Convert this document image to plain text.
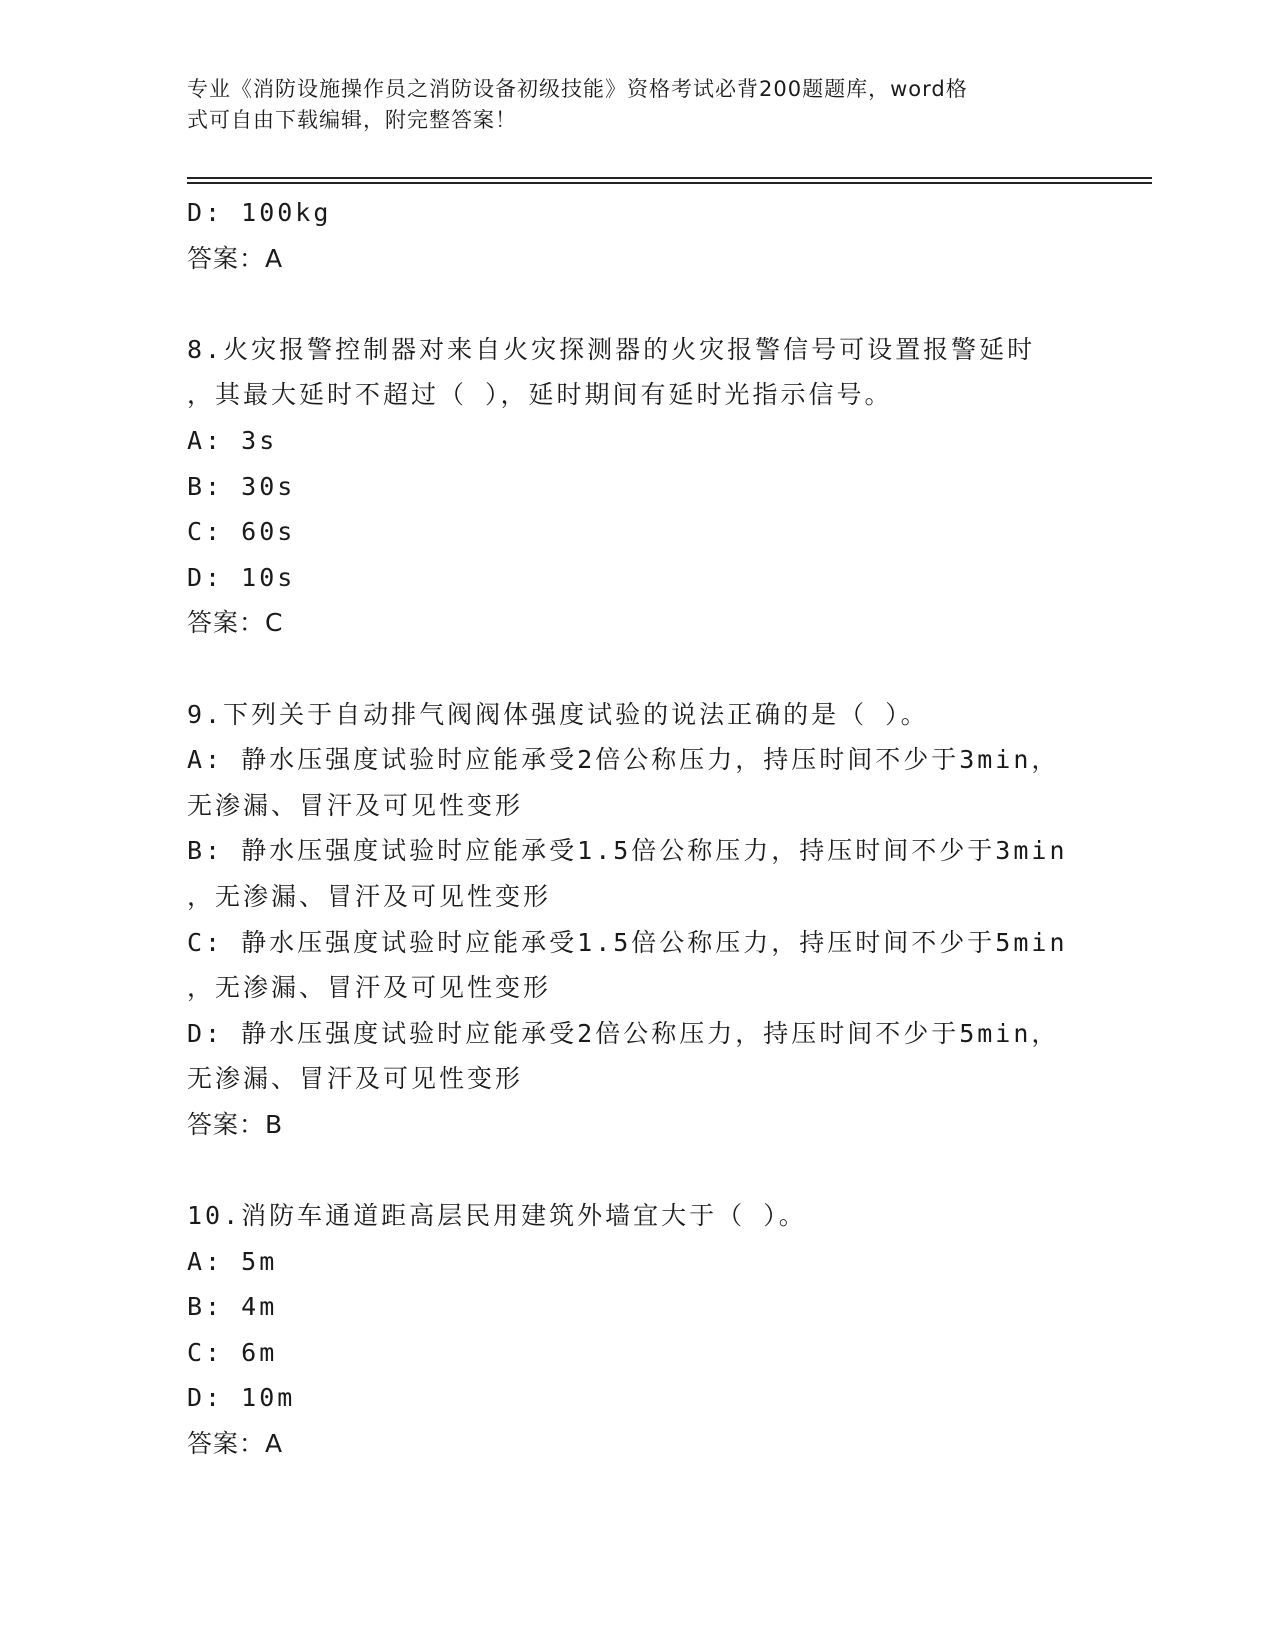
专业《消防设施操作员之消防设备初级技能》资格考试必背200题题库，word格
式可自由下载编辑，附完整答案！
D: 100kg
答案：A
8.火灾报警控制器对来自火灾探测器的火灾报警信号可设置报警延时
，其最大延时不超过（ ），延时期间有延时光指示信号。
A: 3s
B: 30s
C: 60s
D: 10s
答案：C
9.下列关于自动排气阀阀体强度试验的说法正确的是（ ）。
A: 静水压强度试验时应能承受2倍公称压力，持压时间不少于3min，
无渗漏、冒汗及可见性变形
B: 静水压强度试验时应能承受1.5倍公称压力，持压时间不少于3min
，无渗漏、冒汗及可见性变形
C: 静水压强度试验时应能承受1.5倍公称压力，持压时间不少于5min
，无渗漏、冒汗及可见性变形
D: 静水压强度试验时应能承受2倍公称压力，持压时间不少于5min，
无渗漏、冒汗及可见性变形
答案：B
10.消防车通道距高层民用建筑外墙宜大于（ ）。
A: 5m
B: 4m
C: 6m
D: 10m
答案：A
